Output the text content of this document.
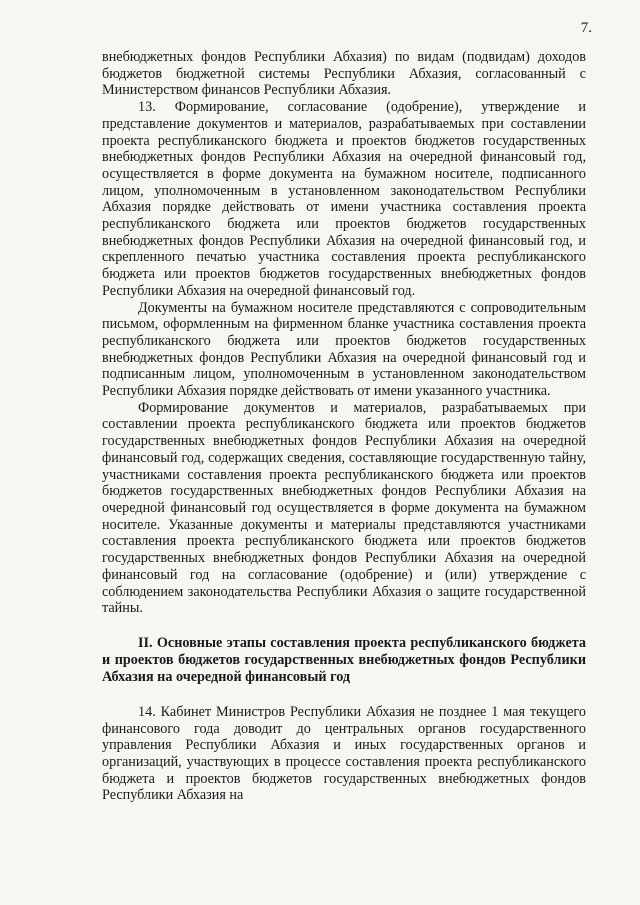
7.

внебюджетных фондов Республики Абхазия) по видам (подвидам) доходов бюджетов бюджетной системы Республики Абхазия, согласованный с Министерством финансов Республики Абхазия.

13. Формирование, согласование (одобрение), утверждение и представление документов и материалов, разрабатываемых при составлении проекта республиканского бюджета и проектов бюджетов государственных внебюджетных фондов Республики Абхазия на очередной финансовый год, осуществляется в форме документа на бумажном носителе, подписанного лицом, уполномоченным в установленном законодательством Республики Абхазия порядке действовать от имени участника составления проекта республиканского бюджета или проектов бюджетов государственных внебюджетных фондов Республики Абхазия на очередной финансовый год, и скрепленного печатью участника составления проекта республиканского бюджета или проектов бюджетов государственных внебюджетных фондов Республики Абхазия на очередной финансовый год.

Документы на бумажном носителе представляются с сопроводительным письмом, оформленным на фирменном бланке участника составления проекта республиканского бюджета или проектов бюджетов государственных внебюджетных фондов Республики Абхазия на очередной финансовый год и подписанным лицом, уполномоченным в установленном законодательством Республики Абхазия порядке действовать от имени указанного участника.

Формирование документов и материалов, разрабатываемых при составлении проекта республиканского бюджета или проектов бюджетов государственных внебюджетных фондов Республики Абхазия на очередной финансовый год, содержащих сведения, составляющие государственную тайну, участниками составления проекта республиканского бюджета или проектов бюджетов государственных внебюджетных фондов Республики Абхазия на очередной финансовый год осуществляется в форме документа на бумажном носителе. Указанные документы и материалы представляются участниками составления проекта республиканского бюджета или проектов бюджетов государственных внебюджетных фондов Республики Абхазия на очередной финансовый год на согласование (одобрение) и (или) утверждение с соблюдением законодательства Республики Абхазия о защите государственной тайны.

II. Основные этапы составления проекта республиканского бюджета и проектов бюджетов государственных внебюджетных фондов Республики Абхазия на очередной финансовый год

14. Кабинет Министров Республики Абхазия не позднее 1 мая текущего финансового года доводит до центральных органов государственного управления Республики Абхазия и иных государственных органов и организаций, участвующих в процессе составления проекта республиканского бюджета и проектов бюджетов государственных внебюджетных фондов Республики Абхазия на
